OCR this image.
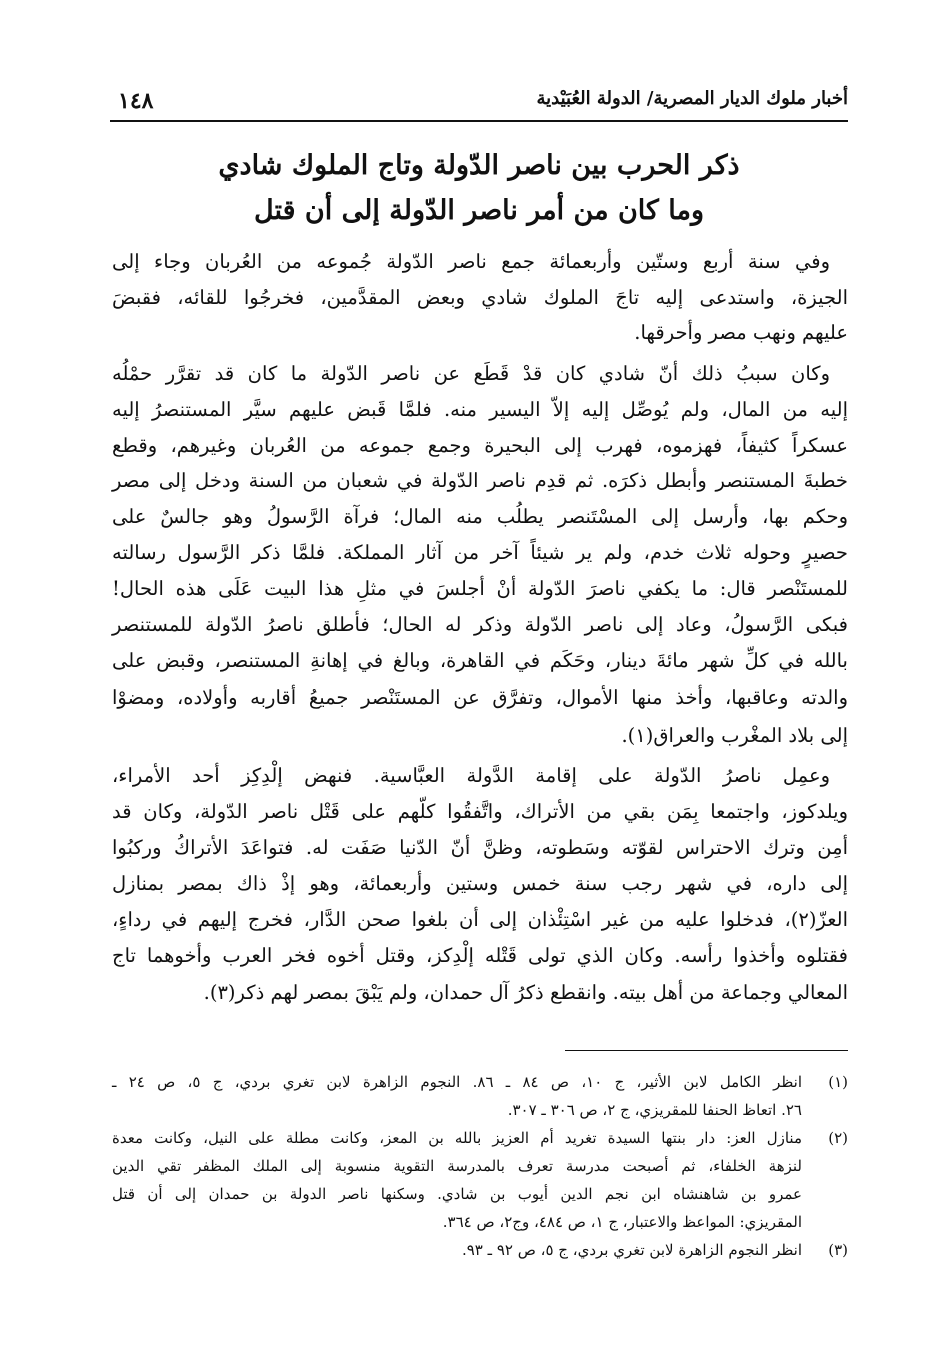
١٤٨	أخبار ملوك الديار المصرية/ الدولة العُبَيْدية
ذكر الحرب بين ناصر الدّولة وتاج الملوك شادي
وما كان من أمر ناصر الدّولة إلى أن قتل
وفي سنة أربع وستّين وأربعمائة جمع ناصر الدّولة جُموعه من العُربان وجاء إلى
الجيزة، واستدعى إليه تاجَ الملوك شادي وبعض المقدَّمين، فخرجُوا للقائه، فقبضَ
عليهم ونهب مصر وأحرقها.
وكان سببُ ذلك أنّ شادي كان قدْ قَطَع عن ناصر الدّولة ما كان قد تقرَّر حمْلُه
إليه من المال، ولم يُوصِّل إليه إلاّ اليسير منه. فلمَّا قَبض عليهم سيَّر المستنصرُ إليه
عسكراً كثيفاً، فهزموه، فهرب إلى البحيرة وجمع جموعه من العُربان وغيرهم، وقطع
خطبةَ المستنصر وأبطل ذكرَه. ثم قدِم ناصر الدّولة في شعبان من السنة ودخل إلى مصر
وحكم بها، وأرسل إلى المسْتَنصر يطلُب منه المال؛ فرآة الرَّسولُ وهو جالسٌ على
حصيرٍ وحوله ثلاث خدم، ولم ير شيئاً آخر من آثار المملكة. فلمَّا ذكر الرَّسول رسالته
للمستَنْصر قال: ما يكفي ناصرَ الدّولة أنْ أجلسَ في مثلِ هذا البيت عَلَى هذه الحال!
فبكى الرَّسولُ، وعاد إلى ناصر الدّولة وذكر له الحال؛ فأطلق ناصرُ الدّولة للمستنصر
بالله في كلِّ شهر مائةَ دينار، وحَكَم في القاهرة، وبالغ في إهانةِ المستنصر، وقبض على
والدته وعاقبها، وأخذ منها الأموال، وتفرَّق عن المستَنْصر جميعُ أقاربه وأولاده، ومضوْا
إلى بلاد المغْرب والعراق(١).
وعمِل ناصرُ الدّولة على إقامة الدَّولة العبَّاسية. فنهض إلْدِكِز أحد الأمراء،
ويلدكوز، واجتمعا بِمَن بقي من الأتراك، واتَّفقُوا كلّهم على قَتْل ناصر الدّولة، وكان قد
أمِن وترك الاحتراس لقوّته وسَطوته، وظنَّ أنّ الدّنيا صَفَت له. فتواعَدَ الأتراكُ وركبُوا
إلى داره، في شهر رجب سنة خمس وستين وأربعمائة، وهو إذْ ذاك بمصر بمنازل
العزّ(٢)، فدخلوا عليه من غير اسْتِئْذان إلى أن بلغوا صحن الدَّار، فخرج إليهم في رداءٍ،
فقتلوه وأخذوا رأسه. وكان الذي تولى قَتْله إلْدِكز، وقتل أخوه فخر العرب وأخوهما تاج
المعالي وجماعة من أهل بيته. وانقطع ذكرُ آل حمدان، ولم يَبْقَ بمصر لهم ذكر(٣).
(١)
انظر الكامل لابن الأثير، ج ١٠، ص ٨٤ ـ ٨٦. النجوم الزاهرة لابن تغري بردي، ج ٥، ص ٢٤ ـ
٢٦. اتعاظ الحنفا للمقريزي، ج ٢، ص ٣٠٦ ـ ٣٠٧.
(٢)
منازل العز: دار بنتها السيدة تغريد أم العزيز بالله بن المعز، وكانت مطلة على النيل، وكانت معدة
لنزهة الخلفاء، ثم أصبحت مدرسة تعرف بالمدرسة التقوية منسوبة إلى الملك المظفر تقي الدين
عمرو بن شاهنشاه ابن نجم الدين أيوب بن شادي. وسكنها ناصر الدولة بن حمدان إلى أن قتل
المقريزي: المواعظ والاعتبار، ج ١، ص ٤٨٤، وج٢، ص ٣٦٤.
(٣)
انظر النجوم الزاهرة لابن تغري بردي، ج ٥، ص ٩٢ ـ ٩٣.
